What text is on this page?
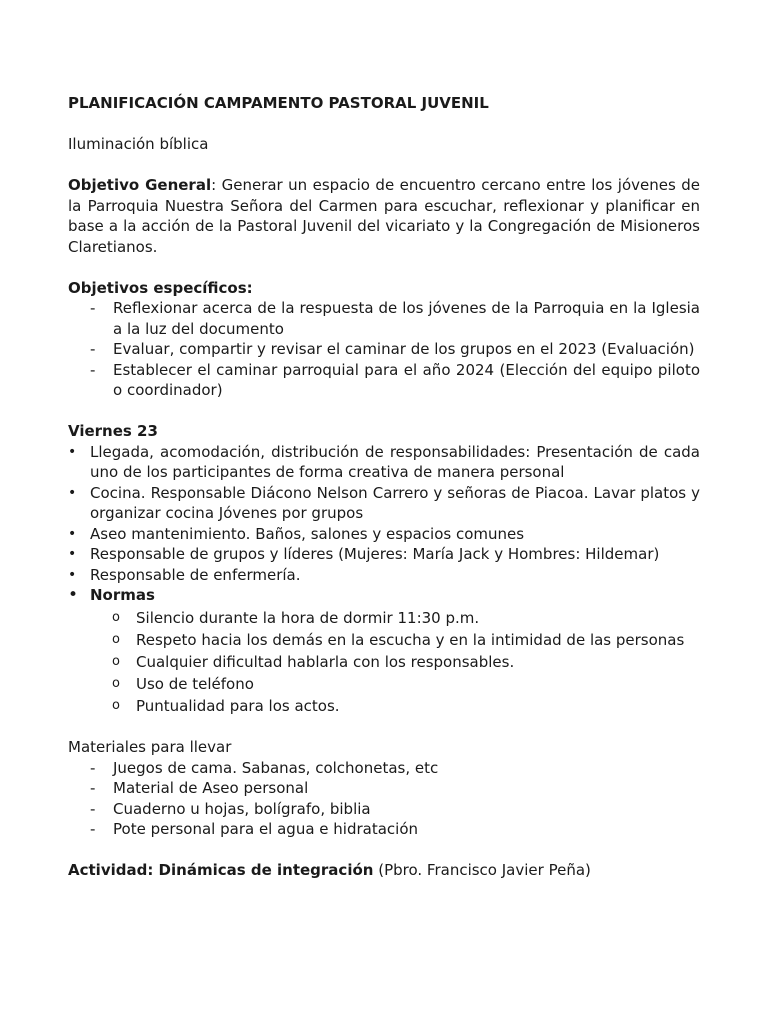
PLANIFICACIÓN CAMPAMENTO PASTORAL JUVENIL

Iluminación bíblica

Objetivo General: Generar un espacio de encuentro cercano entre los jóvenes de la Parroquia Nuestra Señora del Carmen para escuchar, reflexionar y planificar en base a la acción de la Pastoral Juvenil del vicariato y la Congregación de Misioneros Claretianos.

Objetivos específicos:

- Reflexionar acerca de la respuesta de los jóvenes de la Parroquia en la Iglesia a la luz del documento
- Evaluar, compartir y revisar el caminar de los grupos en el 2023 (Evaluación)
- Establecer el caminar parroquial para el año 2024 (Elección del equipo piloto o coordinador)

Viernes 23

• Llegada, acomodación, distribución de responsabilidades: Presentación de cada uno de los participantes de forma creativa de manera personal
• Cocina. Responsable Diácono Nelson Carrero y señoras de Piacoa. Lavar platos y organizar cocina Jóvenes por grupos
• Aseo mantenimiento. Baños, salones y espacios comunes
• Responsable de grupos y líderes (Mujeres: María Jack y Hombres: Hildemar)
• Responsable de enfermería.
• Normas
o Silencio durante la hora de dormir 11:30 p.m.
o Respeto hacia los demás en la escucha y en la intimidad de las personas
o Cualquier dificultad hablarla con los responsables.
o Uso de teléfono
o Puntualidad para los actos.

Materiales para llevar

- Juegos de cama. Sabanas, colchonetas, etc
- Material de Aseo personal
- Cuaderno u hojas, bolígrafo, biblia
- Pote personal para el agua e hidratación

Actividad: Dinámicas de integración (Pbro. Francisco Javier Peña)
